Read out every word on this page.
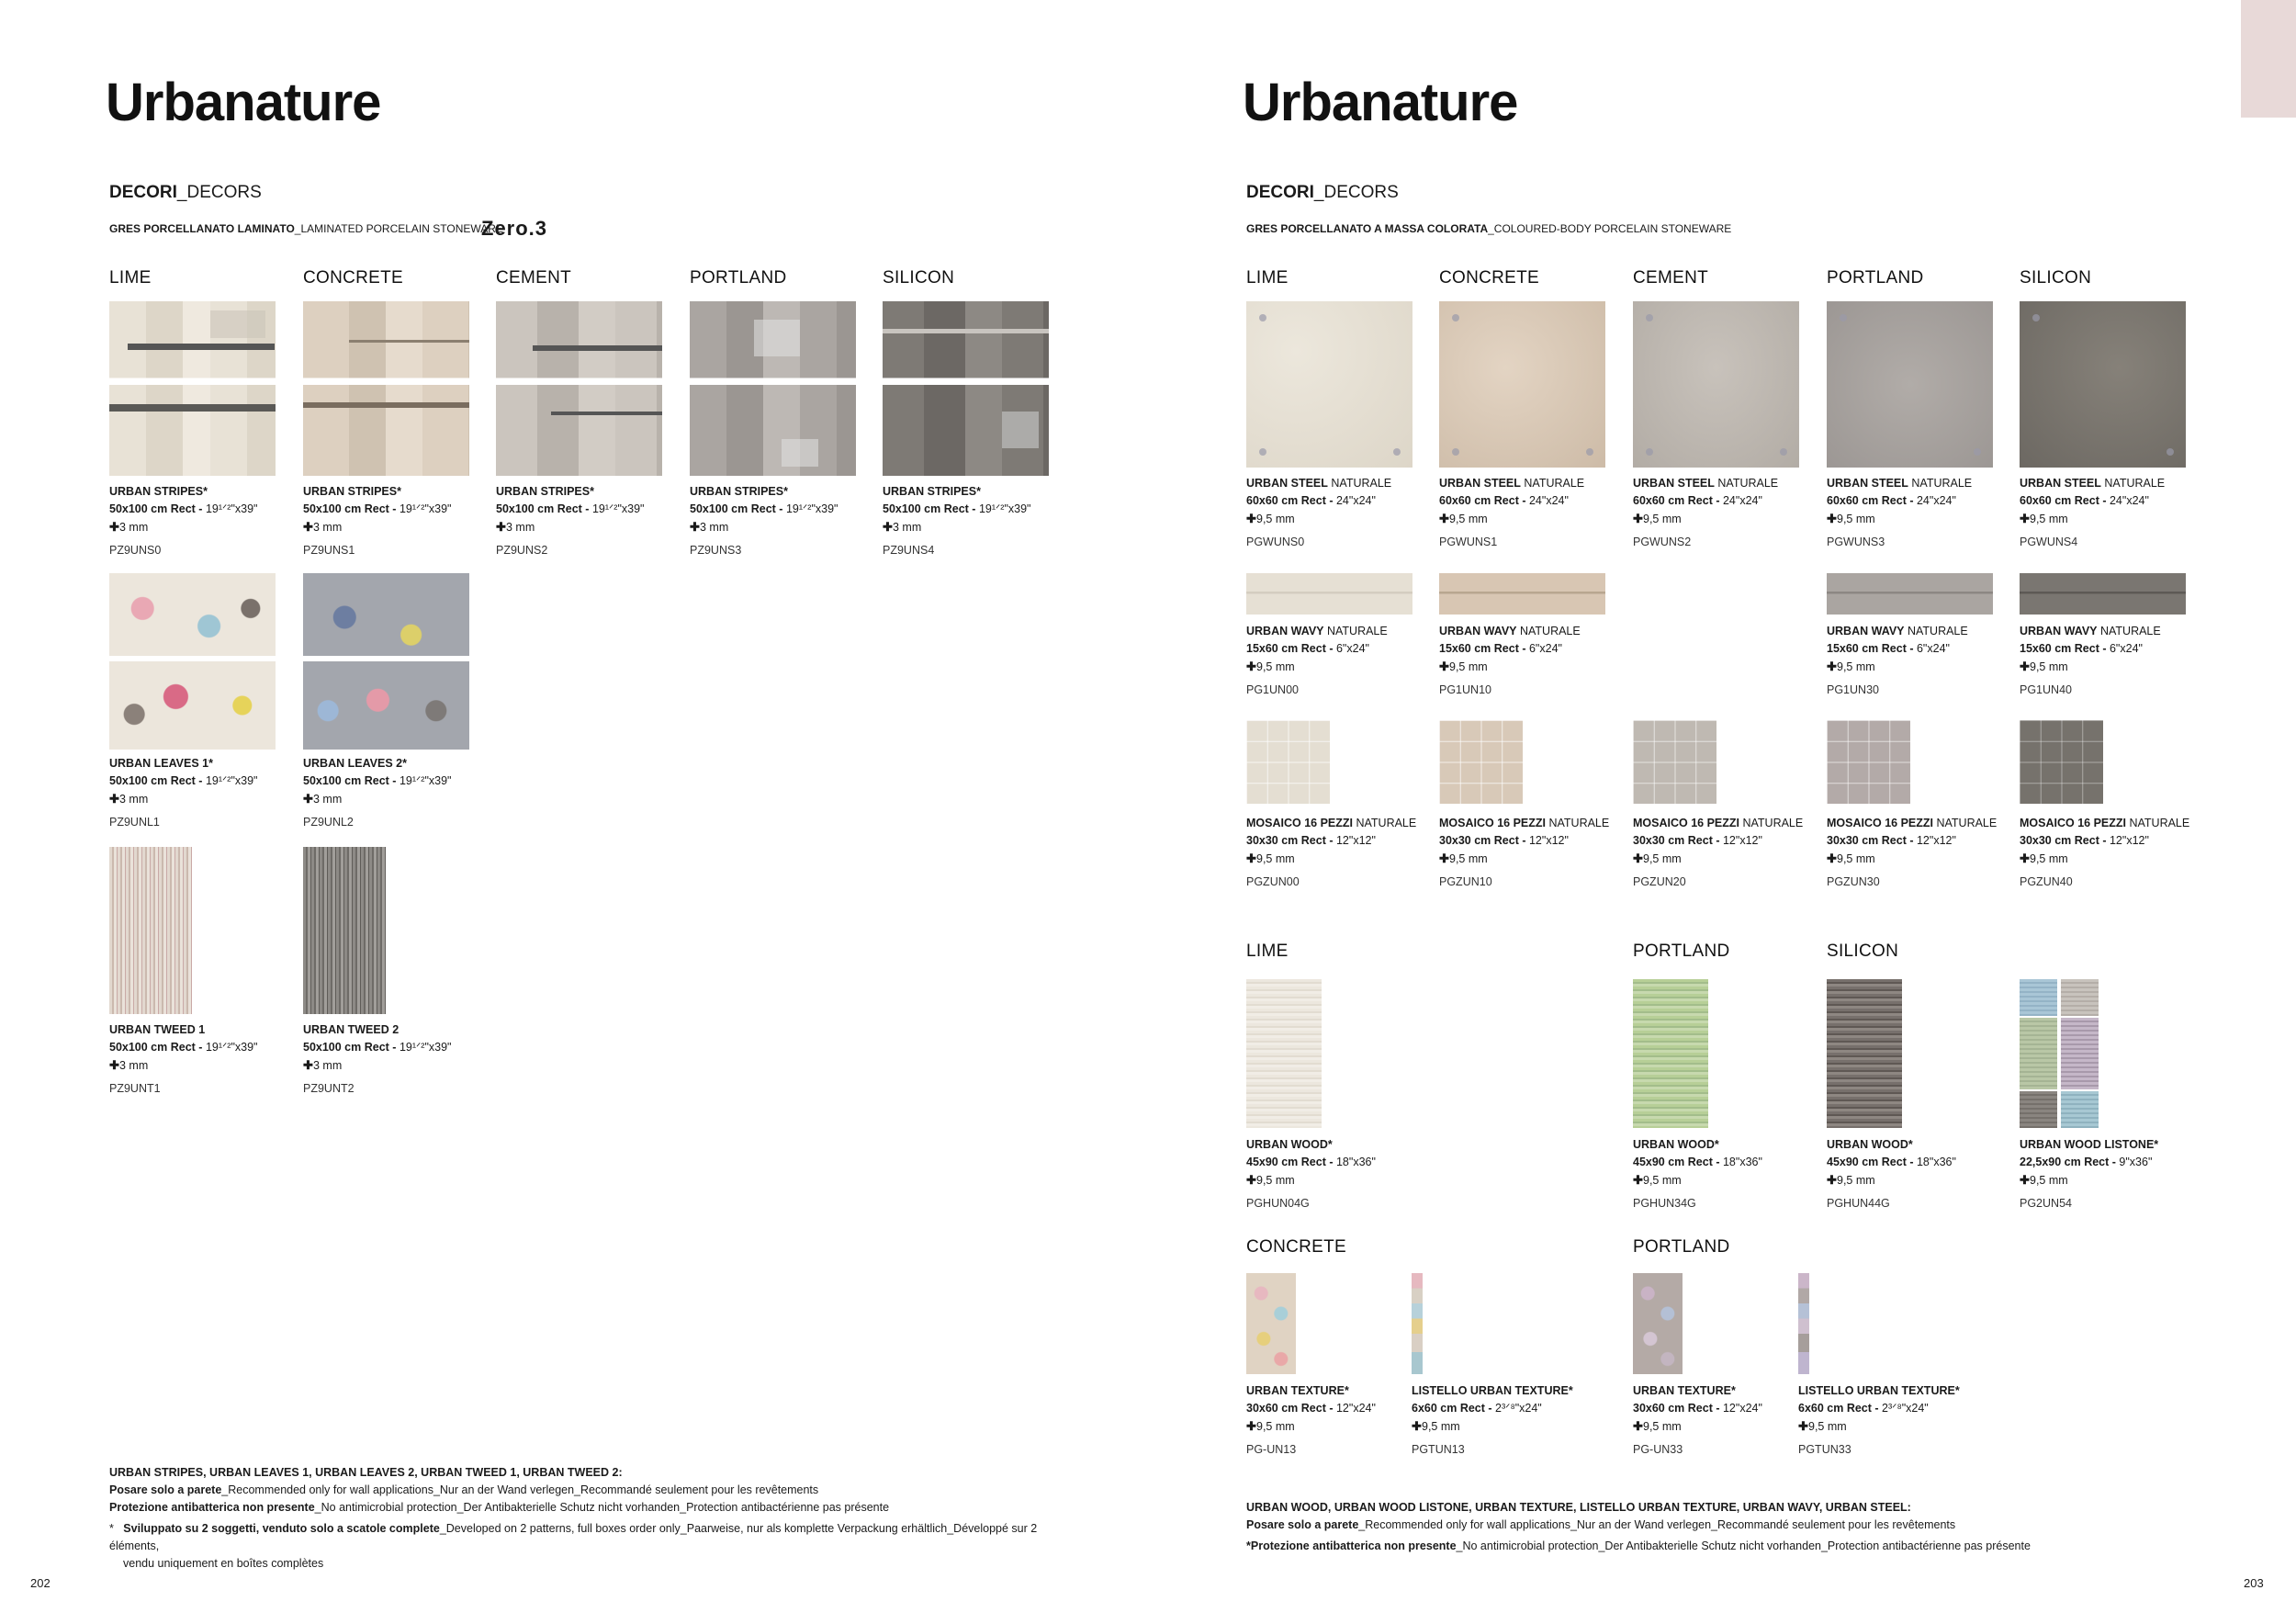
Urbanature
DECORI_DECORS
GRES PORCELLANATO LAMINATO_LAMINATED PORCELAIN STONEWARE
Zero.3
LIME	CONCRETE	CEMENT	PORTLAND	SILICON
URBAN STRIPES*
50x100 cm Rect - 19¹ᐟ²"x39"
✚3 mm
PZ9UNS0
URBAN STRIPES*
50x100 cm Rect - 19¹ᐟ²"x39"
✚3 mm
PZ9UNS1
URBAN STRIPES*
50x100 cm Rect - 19¹ᐟ²"x39"
✚3 mm
PZ9UNS2
URBAN STRIPES*
50x100 cm Rect - 19¹ᐟ²"x39"
✚3 mm
PZ9UNS3
URBAN STRIPES*
50x100 cm Rect - 19¹ᐟ²"x39"
✚3 mm
PZ9UNS4
URBAN LEAVES 1*
50x100 cm Rect - 19¹ᐟ²"x39"
✚3 mm
PZ9UNL1
URBAN LEAVES 2*
50x100 cm Rect - 19¹ᐟ²"x39"
✚3 mm
PZ9UNL2
URBAN TWEED 1
50x100 cm Rect - 19¹ᐟ²"x39"
✚3 mm
PZ9UNT1
URBAN TWEED 2
50x100 cm Rect - 19¹ᐟ²"x39"
✚3 mm
PZ9UNT2
URBAN STRIPES, URBAN LEAVES 1, URBAN LEAVES 2, URBAN TWEED 1, URBAN TWEED 2:
Posare solo a parete_Recommended only for wall applications_Nur an der Wand verlegen_Recommandé seulement pour les revêtements
Protezione antibatterica non presente_No antimicrobial protection_Der Antibakterielle Schutz nicht vorhanden_Protection antibactérienne pas présente
* Sviluppato su 2 soggetti, venduto solo a scatole complete_Developed on 2 patterns, full boxes order only_Paarweise, nur als komplette Verpackung erhältlich_Développé sur 2 éléments,
vendu uniquement en boîtes complètes
202
Urbanature
DECORI_DECORS
GRES PORCELLANATO A MASSA COLORATA_COLOURED-BODY PORCELAIN STONEWARE
LIME	CONCRETE	CEMENT	PORTLAND	SILICON
URBAN STEEL NATURALE
60x60 cm Rect - 24"x24"
✚9,5 mm
PGWUNS0
URBAN STEEL NATURALE
60x60 cm Rect - 24"x24"
✚9,5 mm
PGWUNS1
URBAN STEEL NATURALE
60x60 cm Rect - 24"x24"
✚9,5 mm
PGWUNS2
URBAN STEEL NATURALE
60x60 cm Rect - 24"x24"
✚9,5 mm
PGWUNS3
URBAN STEEL NATURALE
60x60 cm Rect - 24"x24"
✚9,5 mm
PGWUNS4
URBAN WAVY NATURALE
15x60 cm Rect - 6"x24"
✚9,5 mm
PG1UN00
URBAN WAVY NATURALE
15x60 cm Rect - 6"x24"
✚9,5 mm
PG1UN10
URBAN WAVY NATURALE
15x60 cm Rect - 6"x24"
✚9,5 mm
PG1UN30
URBAN WAVY NATURALE
15x60 cm Rect - 6"x24"
✚9,5 mm
PG1UN40
MOSAICO 16 PEZZI NATURALE
30x30 cm Rect - 12"x12"
✚9,5 mm
PGZUN00
MOSAICO 16 PEZZI NATURALE
30x30 cm Rect - 12"x12"
✚9,5 mm
PGZUN10
MOSAICO 16 PEZZI NATURALE
30x30 cm Rect - 12"x12"
✚9,5 mm
PGZUN20
MOSAICO 16 PEZZI NATURALE
30x30 cm Rect - 12"x12"
✚9,5 mm
PGZUN30
MOSAICO 16 PEZZI NATURALE
30x30 cm Rect - 12"x12"
✚9,5 mm
PGZUN40
LIME	PORTLAND	SILICON
URBAN WOOD*
45x90 cm Rect - 18"x36"
✚9,5 mm
PGHUN04G
URBAN WOOD*
45x90 cm Rect - 18"x36"
✚9,5 mm
PGHUN34G
URBAN WOOD*
45x90 cm Rect - 18"x36"
✚9,5 mm
PGHUN44G
URBAN WOOD LISTONE*
22,5x90 cm Rect - 9"x36"
✚9,5 mm
PG2UN54
CONCRETE	PORTLAND
URBAN TEXTURE*
30x60 cm Rect - 12"x24"
✚9,5 mm
PG-UN13
LISTELLO URBAN TEXTURE*
6x60 cm Rect - 2³ᐟ⁸"x24"
✚9,5 mm
PGTUN13
URBAN TEXTURE*
30x60 cm Rect - 12"x24"
✚9,5 mm
PG-UN33
LISTELLO URBAN TEXTURE*
6x60 cm Rect - 2³ᐟ⁸"x24"
✚9,5 mm
PGTUN33
URBAN WOOD, URBAN WOOD LISTONE, URBAN TEXTURE, LISTELLO URBAN TEXTURE, URBAN WAVY, URBAN STEEL:
Posare solo a parete_Recommended only for wall applications_Nur an der Wand verlegen_Recommandé seulement pour les revêtements
*Protezione antibatterica non presente_No antimicrobial protection_Der Antibakterielle Schutz nicht vorhanden_Protection antibactérienne pas présente
203
